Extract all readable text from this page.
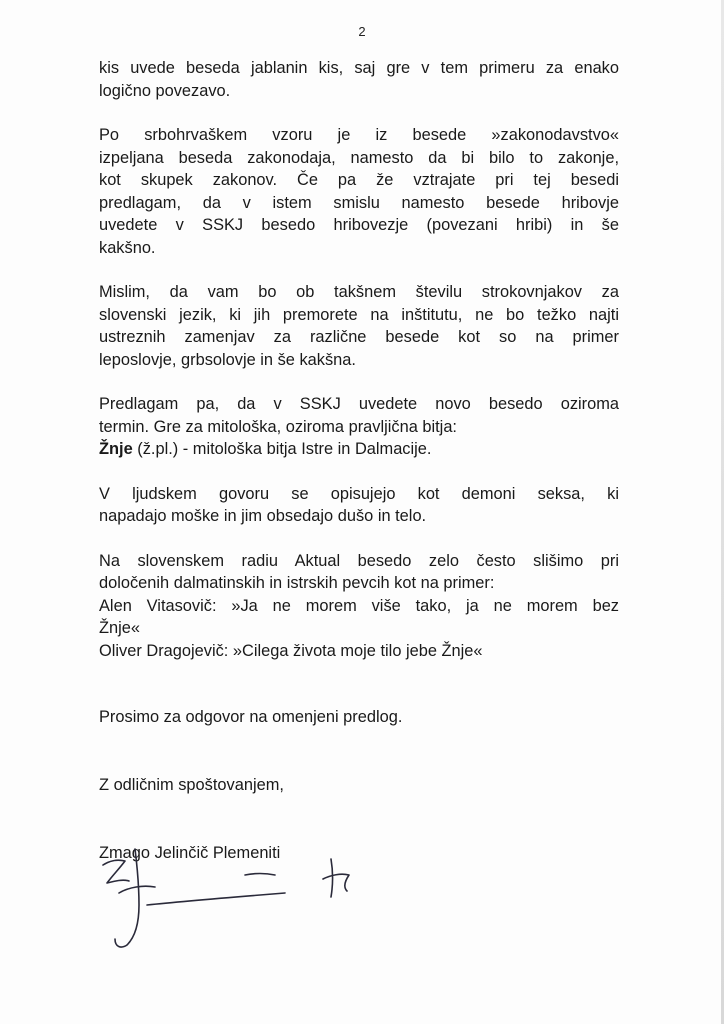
2

kis uvede beseda jablanin kis, saj gre v tem primeru za enako
logično povezavo.

Po srbohrvaškem vzoru je iz besede »zakonodavstvo«
izpeljana beseda zakonodaja, namesto da bi bilo to zakonje,
kot skupek zakonov. Če pa že vztrajate pri tej besedi
predlagam, da v istem smislu namesto besede hribovje
uvedete v SSKJ besedo hribovezje (povezani hribi) in še
kakšno.

Mislim, da vam bo ob takšnem številu strokovnjakov za
slovenski jezik, ki jih premorete na inštitutu, ne bo težko najti
ustreznih zamenjav za različne besede kot so na primer
leposlovje, grbsolovje in še kakšna.

Predlagam pa, da v SSKJ uvedete novo besedo oziroma
termin. Gre za mitološka, oziroma pravljična bitja:
Žnje (ž.pl.) - mitološka bitja Istre in Dalmacije.

V ljudskem govoru se opisujejo kot demoni seksa, ki
napadajo moške in jim obsedajo dušo in telo.

Na slovenskem radiu Aktual besedo zelo često slišimo pri
določenih dalmatinskih in istrskih pevcih kot na primer:
Alen Vitasovič: »Ja ne morem više tako, ja ne morem bez
Žnje«
Oliver Dragojevič: »Cilega života moje tilo jebe Žnje«

Prosimo za odgovor na omenjeni predlog.
Z odličnim spoštovanjem,
Zmago Jelinčič Plemeniti
